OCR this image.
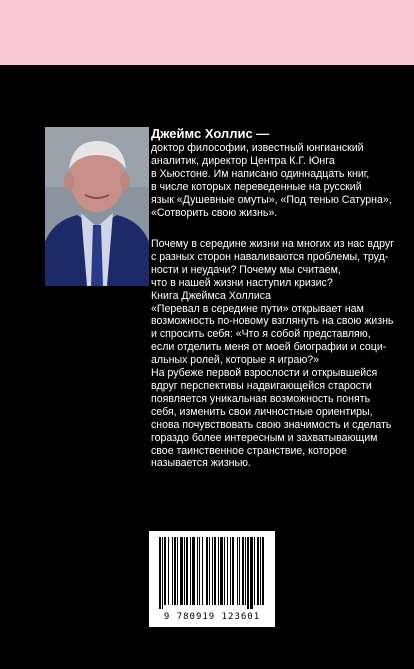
Джеймс Холлис —
доктор философии, известный юнгианский
аналитик, директор Центра К.Г. Юнга
в Хьюстоне. Им написано одиннадцать книг,
в числе которых переведенные на русский
язык «Душевные омуты», «Под тенью Сатурна»,
«Сотворить свою жизнь».
Почему в середине жизни на многих из нас вдруг
с разных сторон наваливаются проблемы, труд-
ности и неудачи? Почему мы считаем,
что в нашей жизни наступил кризис?
Книга Джеймса Холлиса
«Перевал в середине пути» открывает нам
возможность по-новому взглянуть на свою жизнь
и спросить себя: «Что я собой представляю,
если отделить меня от моей биографии и соци-
альных ролей, которые я играю?»
На рубеже первой взрослости и открывшейся
вдруг перспективы надвигающейся старости
появляется уникальная возможность понять
себя, изменить свои личностные ориентиры,
снова почувствовать свою значимость и сделать
гораздо более интересным и захватывающим
свое таинственное странствие, которое
называется жизнью.
9 780919 123601
